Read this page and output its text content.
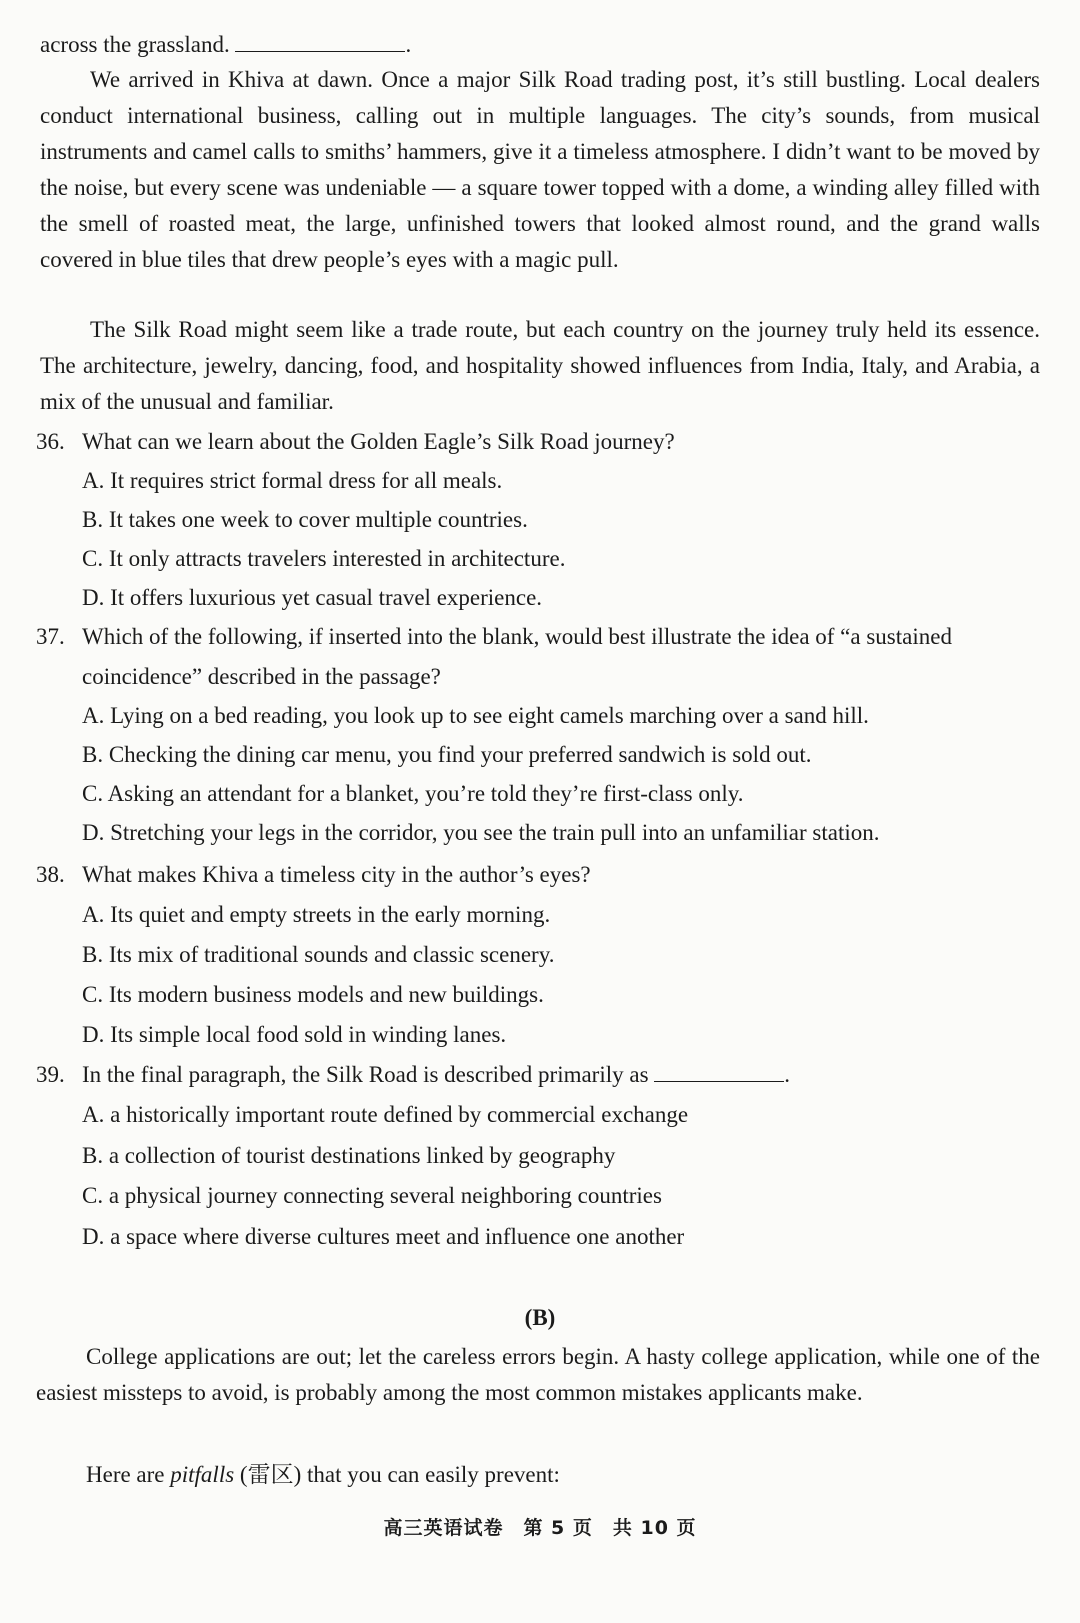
across the grassland.	.

We arrived in Khiva at dawn. Once a major Silk Road trading post, it’s still bustling. Local dealers conduct international business, calling out in multiple languages. The city’s sounds, from musical instruments and camel calls to smiths’ hammers, give it a timeless atmosphere. I didn’t want to be moved by the noise, but every scene was undeniable — a square tower topped with a dome, a winding alley filled with the smell of roasted meat, the large, unfinished towers that looked almost round, and the grand walls covered in blue tiles that drew people’s eyes with a magic pull.

The Silk Road might seem like a trade route, but each country on the journey truly held its essence. The architecture, jewelry, dancing, food, and hospitality showed influences from India, Italy, and Arabia, a mix of the unusual and familiar.

36. What can we learn about the Golden Eagle’s Silk Road journey?

A. It requires strict formal dress for all meals.

B. It takes one week to cover multiple countries.

C. It only attracts travelers interested in architecture.

D. It offers luxurious yet casual travel experience.

37. Which of the following, if inserted into the blank, would best illustrate the idea of “a sustained

coincidence” described in the passage?

A. Lying on a bed reading, you look up to see eight camels marching over a sand hill.

B. Checking the dining car menu, you find your preferred sandwich is sold out.

C. Asking an attendant for a blanket, you’re told they’re first-class only.

D. Stretching your legs in the corridor, you see the train pull into an unfamiliar station.

38. What makes Khiva a timeless city in the author’s eyes?

A. Its quiet and empty streets in the early morning.

B. Its mix of traditional sounds and classic scenery.

C. Its modern business models and new buildings.

D. Its simple local food sold in winding lanes.

39. In the final paragraph, the Silk Road is described primarily as	.

A. a historically important route defined by commercial exchange

B. a collection of tourist destinations linked by geography

C. a physical journey connecting several neighboring countries

D. a space where diverse cultures meet and influence one another

(B)

College applications are out; let the careless errors begin. A hasty college application, while one of the easiest missteps to avoid, is probably among the most common mistakes applicants make.

Here are pitfalls (雷区) that you can easily prevent:

高三英语试卷　第 5 页　共 10 页
